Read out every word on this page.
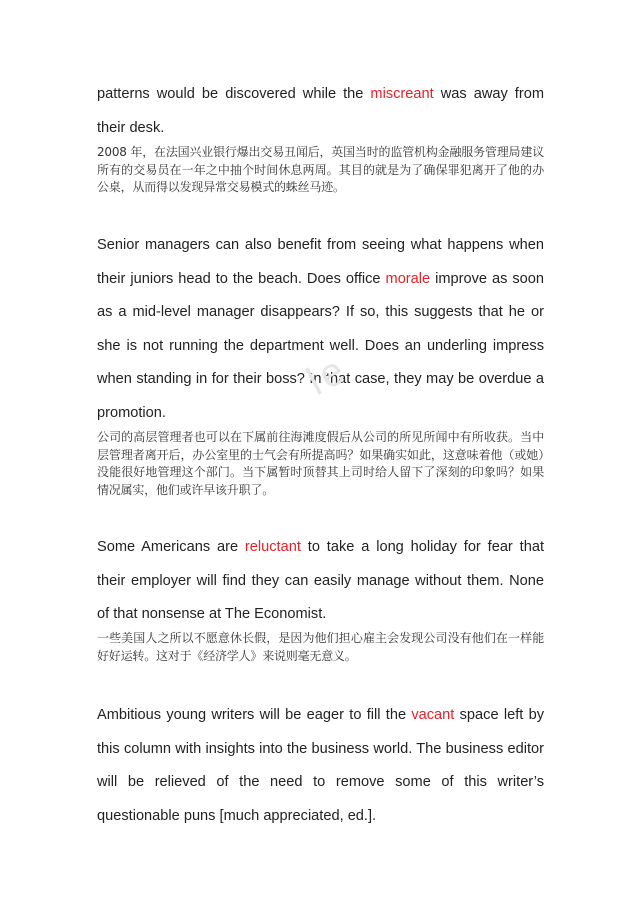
patterns would be discovered while the miscreant was away from their desk.

2008 年，在法国兴业银行爆出交易丑闻后，英国当时的监管机构金融服务管理局建议所有的交易员在一年之中抽个时间休息两周。其目的就是为了确保罪犯离开了他的办公桌，从而得以发现异常交易模式的蛛丝马迹。

Senior managers can also benefit from seeing what happens when their juniors head to the beach. Does office morale improve as soon as a mid-level manager disappears? If so, this suggests that he or she is not running the department well. Does an underling impress when standing in for their boss? In that case, they may be overdue a promotion.

公司的高层管理者也可以在下属前往海滩度假后从公司的所见所闻中有所收获。当中层管理者离开后，办公室里的士气会有所提高吗？如果确实如此，这意味着他（或她）没能很好地管理这个部门。当下属暂时顶替其上司时给人留下了深刻的印象吗？如果情况属实，他们或许早该升职了。

Some Americans are reluctant to take a long holiday for fear that their employer will find they can easily manage without them. None of that nonsense at The Economist.

一些美国人之所以不愿意休长假，是因为他们担心雇主会发现公司没有他们在一样能好好运转。这对于《经济学人》来说则毫无意义。

Ambitious young writers will be eager to fill the vacant space left by this column with insights into the business world. The business editor will be relieved of the need to remove some of this writer’s questionable puns [much appreciated, ed.].

le
